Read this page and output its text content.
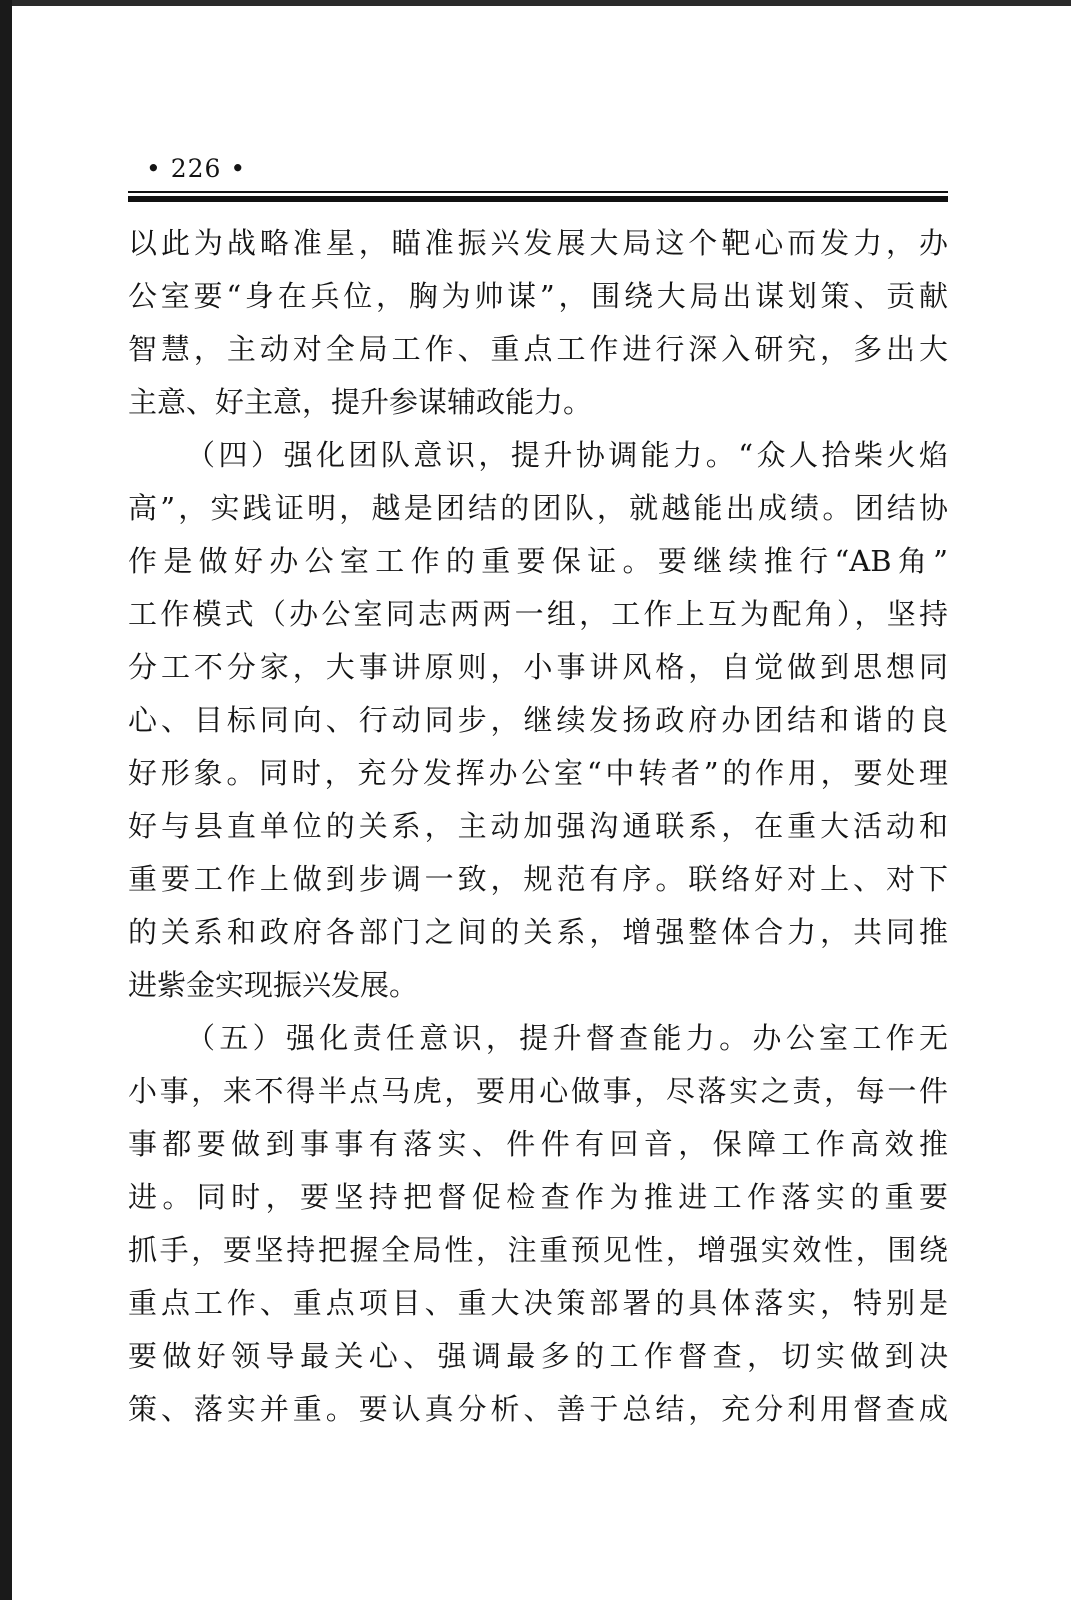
• 226 •
以此为战略准星，瞄准振兴发展大局这个靶心而发力，办
公室要“身在兵位，胸为帅谋”，围绕大局出谋划策、贡献
智慧，主动对全局工作、重点工作进行深入研究，多出大
主意、好主意，提升参谋辅政能力。
（四）强化团队意识，提升协调能力。“众人拾柴火焰
高”，实践证明，越是团结的团队，就越能出成绩。团结协
作是做好办公室工作的重要保证。要继续推行“AB角”
工作模式（办公室同志两两一组，工作上互为配角），坚持
分工不分家，大事讲原则，小事讲风格，自觉做到思想同
心、目标同向、行动同步，继续发扬政府办团结和谐的良
好形象。同时，充分发挥办公室“中转者”的作用，要处理
好与县直单位的关系，主动加强沟通联系，在重大活动和
重要工作上做到步调一致，规范有序。联络好对上、对下
的关系和政府各部门之间的关系，增强整体合力，共同推
进紫金实现振兴发展。
（五）强化责任意识，提升督查能力。办公室工作无
小事，来不得半点马虎，要用心做事，尽落实之责，每一件
事都要做到事事有落实、件件有回音，保障工作高效推
进。同时，要坚持把督促检查作为推进工作落实的重要
抓手，要坚持把握全局性，注重预见性，增强实效性，围绕
重点工作、重点项目、重大决策部署的具体落实，特别是
要做好领导最关心、强调最多的工作督查，切实做到决
策、落实并重。要认真分析、善于总结，充分利用督查成
